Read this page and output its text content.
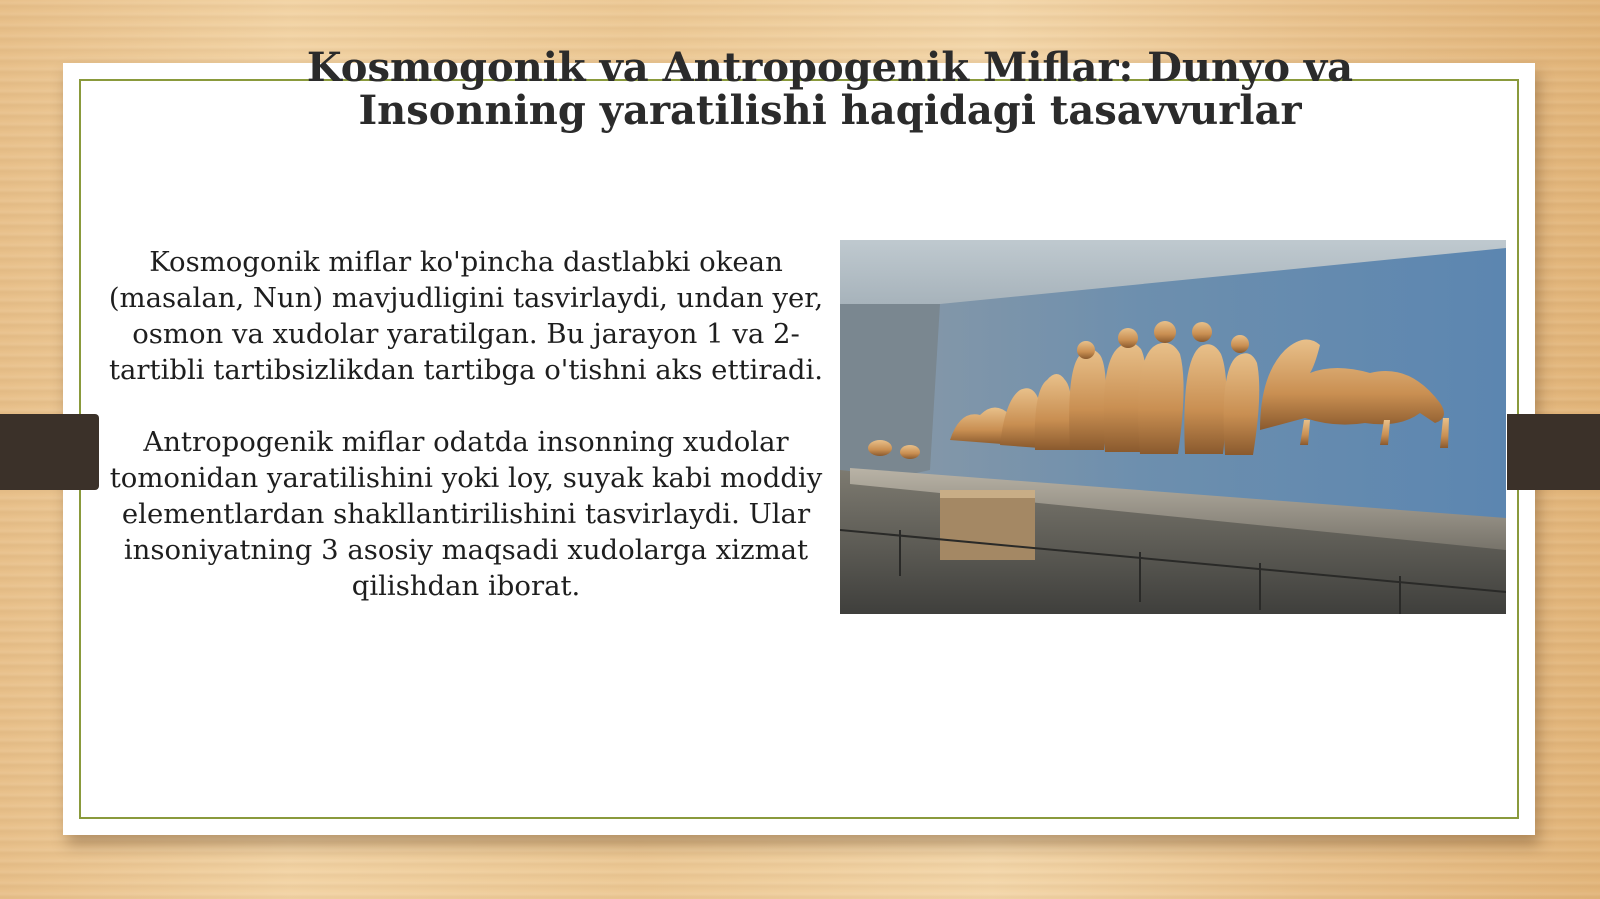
Kosmogonik va Antropogenik Miflar: Dunyo va Insonning yaratilishi haqidagi tasavvurlar

Kosmogonik miflar ko'pincha dastlabki okean (masalan, Nun) mavjudligini tasvirlaydi, undan yer, osmon va xudolar yaratilgan. Bu jarayon 1 va 2-tartibli tartibsizlikdan tartibga o'tishni aks ettiradi.

Antropogenik miflar odatda insonning xudolar tomonidan yaratilishini yoki loy, suyak kabi moddiy elementlardan shakllantirilishini tasvirlaydi. Ular insoniyatning 3 asosiy maqsadi xudolarga xizmat qilishdan iborat.
